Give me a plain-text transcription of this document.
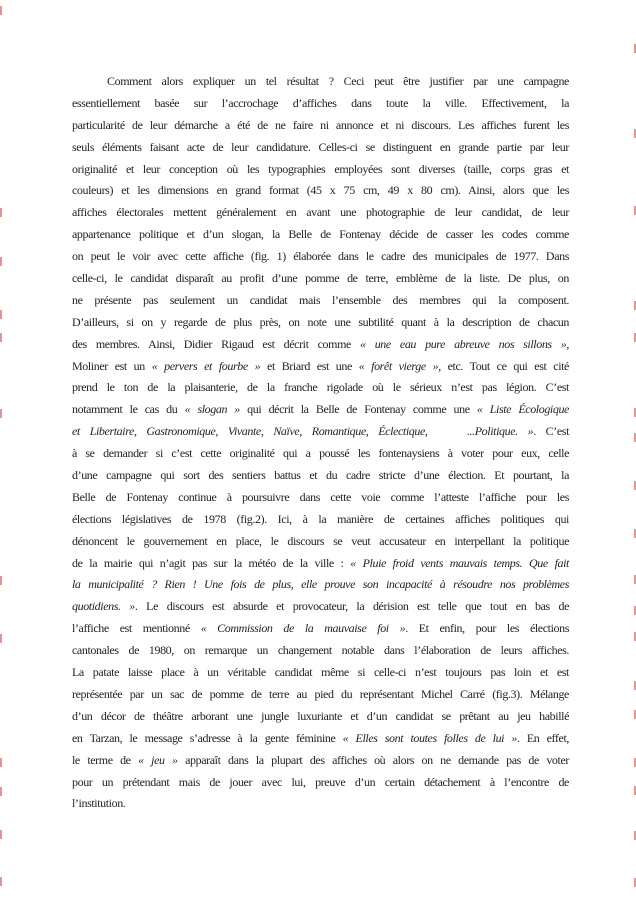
Comment alors expliquer un tel résultat ? Ceci peut être justifier par une campagne
essentiellement basée sur l’accrochage d’affiches dans toute la ville. Effectivement, la
particularité de leur démarche a été de ne faire ni annonce et ni discours. Les affiches furent les
seuls éléments faisant acte de leur candidature. Celles-ci se distinguent en grande partie par leur
originalité et leur conception où les typographies employées sont diverses (taille, corps gras et
couleurs) et les dimensions en grand format (45 x 75 cm, 49 x 80 cm). Ainsi, alors que les
affiches électorales mettent généralement en avant une photographie de leur candidat, de leur
appartenance politique et d’un slogan, la Belle de Fontenay décide de casser les codes comme
on peut le voir avec cette affiche (fig. 1) élaborée dans le cadre des municipales de 1977. Dans
celle-ci, le candidat disparaît au profit d’une pomme de terre, emblème de la liste. De plus, on
ne présente pas seulement un candidat mais l’ensemble des membres qui la composent.
D’ailleurs, si on y regarde de plus près, on note une subtilité quant à la description de chacun
des membres. Ainsi, Didier Rigaud est décrit comme « une eau pure abreuve nos sillons »,
Moliner est un « pervers et fourbe » et Briard est une « forêt vierge », etc. Tout ce qui est cité
prend le ton de la plaisanterie, de la franche rigolade où le sérieux n’est pas légion. C’est
notamment le cas du « slogan » qui décrit la Belle de Fontenay comme une « Liste Écologique
et Libertaire, Gastronomique, Vivante, Naïve, Romantique, Éclectique,    ...Politique. ». C’est
à se demander si c’est cette originalité qui a poussé les fontenaysiens à voter pour eux, celle
d’une campagne qui sort des sentiers battus et du cadre stricte d’une élection. Et pourtant, la
Belle de Fontenay continue à poursuivre dans cette voie comme l’atteste l’affiche pour les
élections législatives de 1978 (fig.2). Ici, à la manière de certaines affiches politiques qui
dénoncent le gouvernement en place, le discours se veut accusateur en interpellant la politique
de la mairie qui n’agit pas sur la météo de la ville : « Pluie froid vents mauvais temps. Que fait
la municipalité ? Rien ! Une fois de plus, elle prouve son incapacité à résoudre nos problèmes
quotidiens. ». Le discours est absurde et provocateur, la dérision est telle que tout en bas de
l’affiche est mentionné « Commission de la mauvaise foi ». Et enfin, pour les élections
cantonales de 1980, on remarque un changement notable dans l’élaboration de leurs affiches.
La patate laisse place à un véritable candidat même si celle-ci n’est toujours pas loin et est
représentée par un sac de pomme de terre au pied du représentant Michel Carré (fig.3). Mélange
d’un décor de théâtre arborant une jungle luxuriante et d’un candidat se prêtant au jeu habillé
en Tarzan, le message s’adresse à la gente féminine « Elles sont toutes folles de lui ». En effet,
le terme de « jeu » apparaît dans la plupart des affiches où alors on ne demande pas de voter
pour un prétendant mais de jouer avec lui, preuve d’un certain détachement à l’encontre de
l’institution.
